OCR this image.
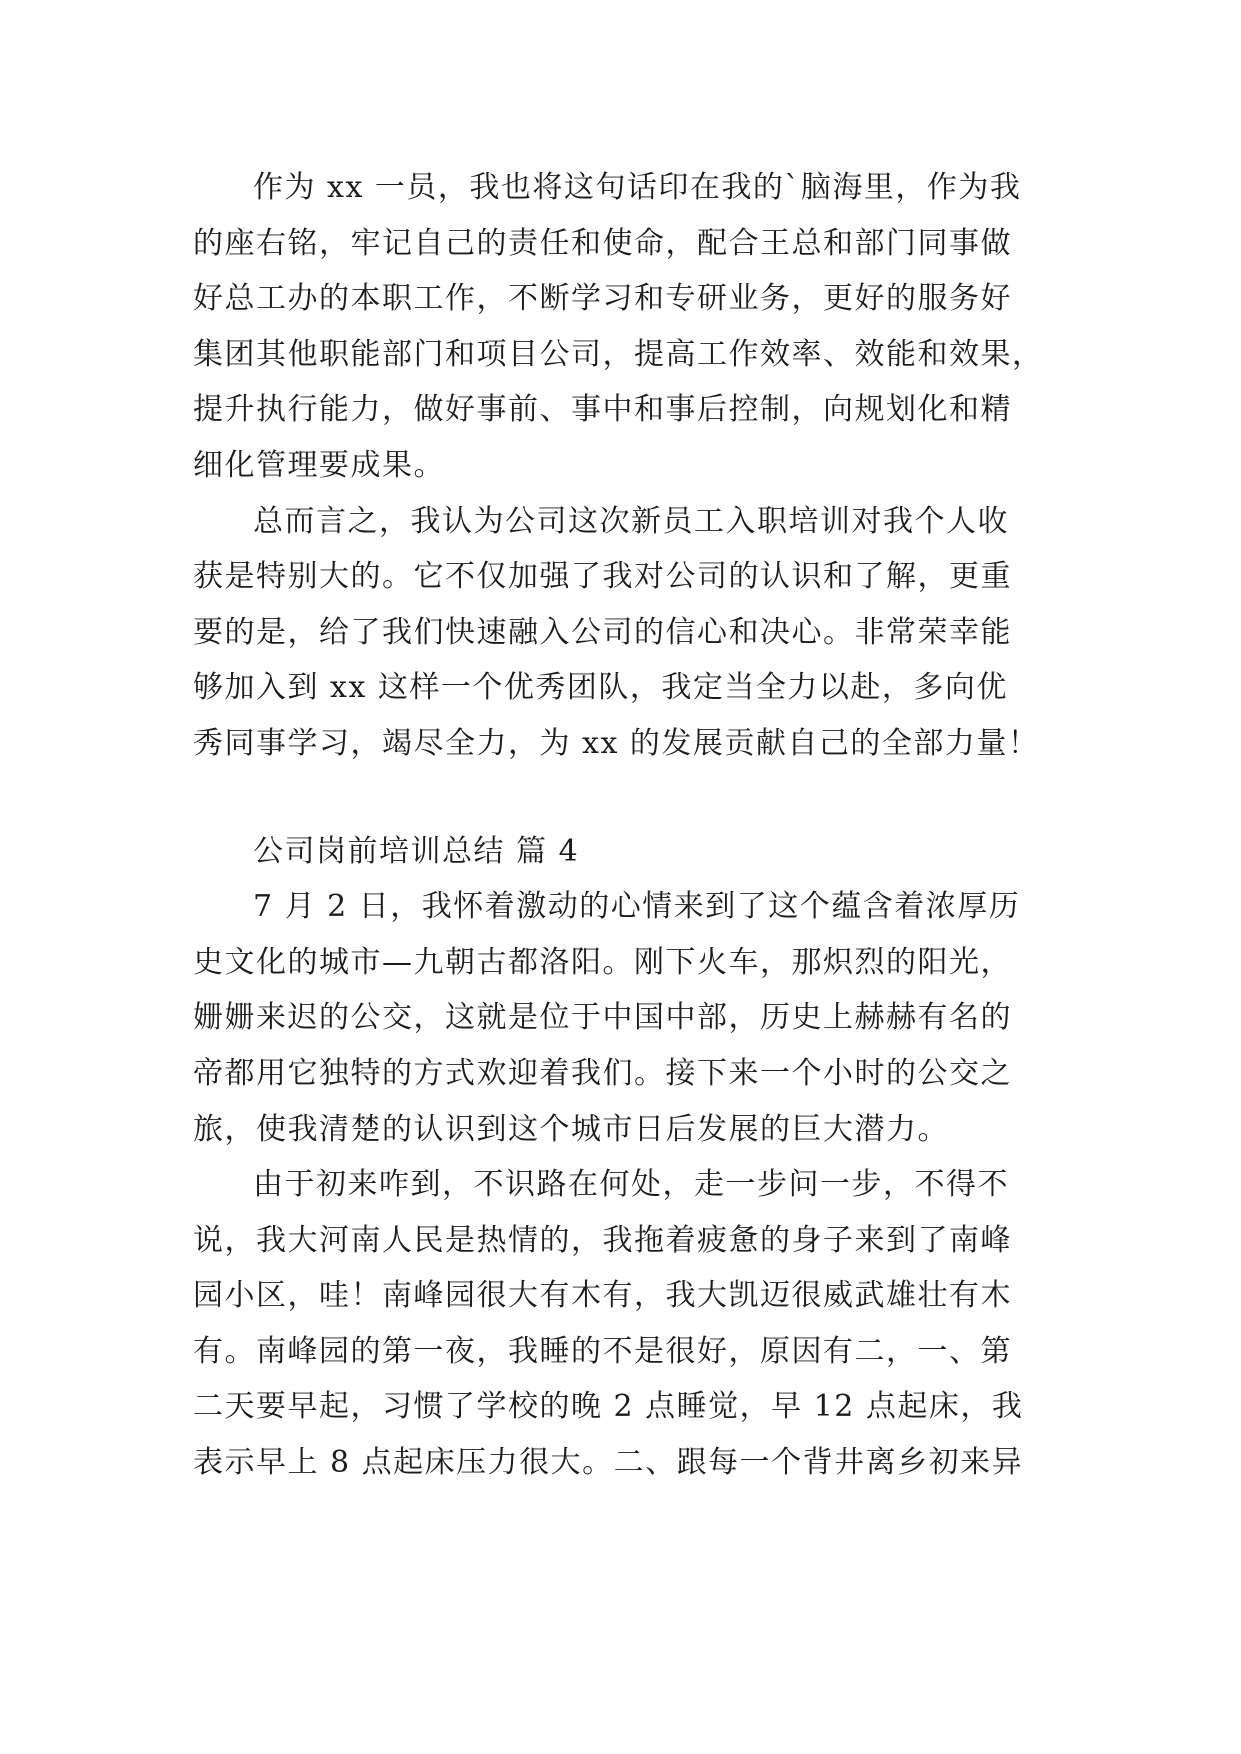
作为 xx 一员，我也将这句话印在我的`脑海里，作为我
的座右铭，牢记自己的责任和使命，配合王总和部门同事做
好总工办的本职工作，不断学习和专研业务，更好的服务好
集团其他职能部门和项目公司，提高工作效率、效能和效果，
提升执行能力，做好事前、事中和事后控制，向规划化和精
细化管理要成果。

总而言之，我认为公司这次新员工入职培训对我个人收
获是特别大的。它不仅加强了我对公司的认识和了解，更重
要的是，给了我们快速融入公司的信心和决心。非常荣幸能
够加入到 xx 这样一个优秀团队，我定当全力以赴，多向优
秀同事学习，竭尽全力，为 xx 的发展贡献自己的全部力量！

公司岗前培训总结 篇 4

7 月 2 日，我怀着激动的心情来到了这个蕴含着浓厚历
史文化的城市—九朝古都洛阳。刚下火车，那炽烈的阳光，
姗姗来迟的公交，这就是位于中国中部，历史上赫赫有名的
帝都用它独特的方式欢迎着我们。接下来一个小时的公交之
旅，使我清楚的认识到这个城市日后发展的巨大潜力。

由于初来咋到，不识路在何处，走一步问一步，不得不
说，我大河南人民是热情的，我拖着疲惫的身子来到了南峰
园小区，哇！南峰园很大有木有，我大凯迈很威武雄壮有木
有。南峰园的第一夜，我睡的不是很好，原因有二，一、第
二天要早起，习惯了学校的晚 2 点睡觉，早 12 点起床，我
表示早上 8 点起床压力很大。二、跟每一个背井离乡初来异
